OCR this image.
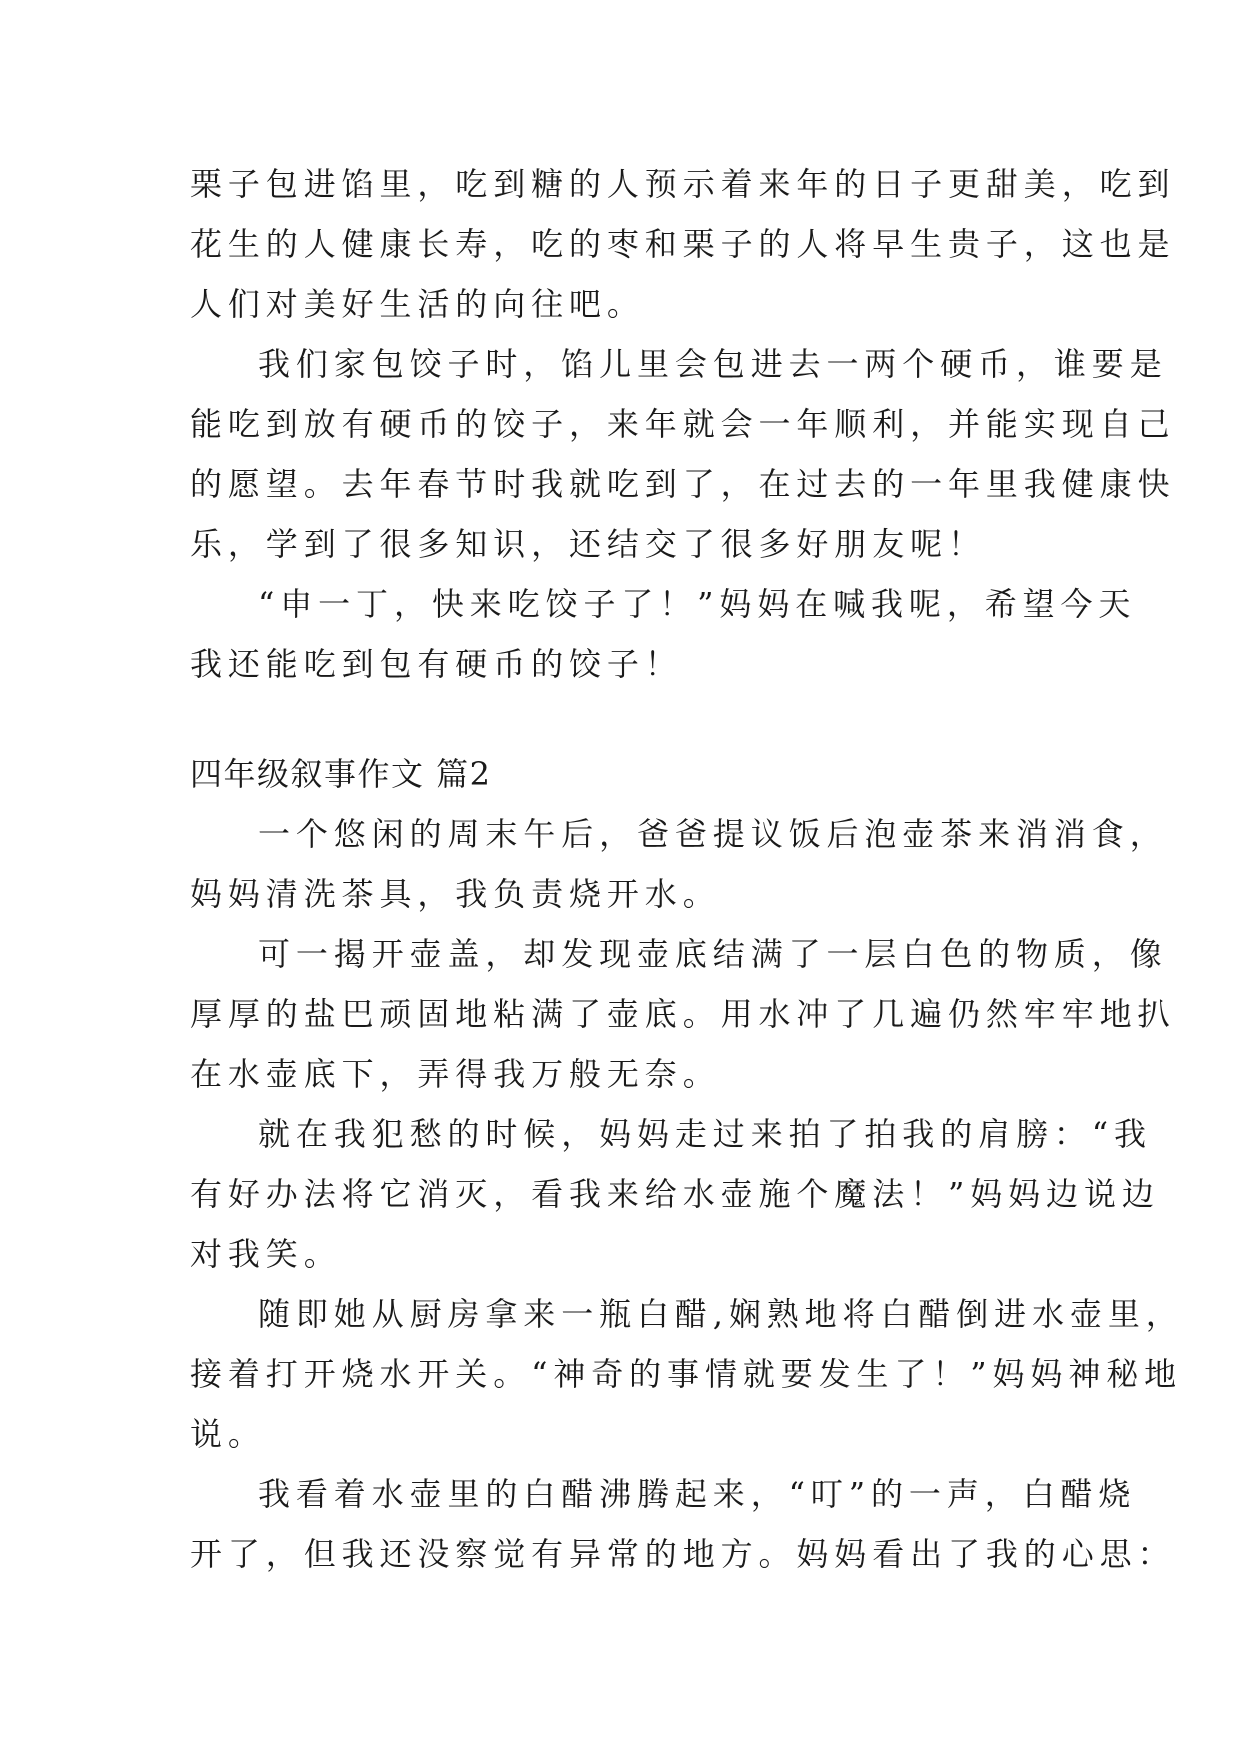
栗子包进馅里，吃到糖的人预示着来年的日子更甜美，吃到

花生的人健康长寿，吃的枣和栗子的人将早生贵子，这也是

人们对美好生活的向往吧。

我们家包饺子时，馅儿里会包进去一两个硬币，谁要是

能吃到放有硬币的饺子，来年就会一年顺利，并能实现自己

的愿望。去年春节时我就吃到了，在过去的一年里我健康快

乐，学到了很多知识，还结交了很多好朋友呢！

“申一丁，快来吃饺子了！”妈妈在喊我呢，希望今天

我还能吃到包有硬币的饺子！

四年级叙事作文 篇2

一个悠闲的周末午后，爸爸提议饭后泡壶茶来消消食，

妈妈清洗茶具，我负责烧开水。

可一揭开壶盖，却发现壶底结满了一层白色的物质，像

厚厚的盐巴顽固地粘满了壶底。用水冲了几遍仍然牢牢地扒

在水壶底下，弄得我万般无奈。

就在我犯愁的时候，妈妈走过来拍了拍我的肩膀：“我

有好办法将它消灭，看我来给水壶施个魔法！”妈妈边说边

对我笑。

随即她从厨房拿来一瓶白醋,娴熟地将白醋倒进水壶里，

接着打开烧水开关。“神奇的事情就要发生了！”妈妈神秘地

说。

我看着水壶里的白醋沸腾起来，“叮”的一声，白醋烧

开了，但我还没察觉有异常的地方。妈妈看出了我的心思：
